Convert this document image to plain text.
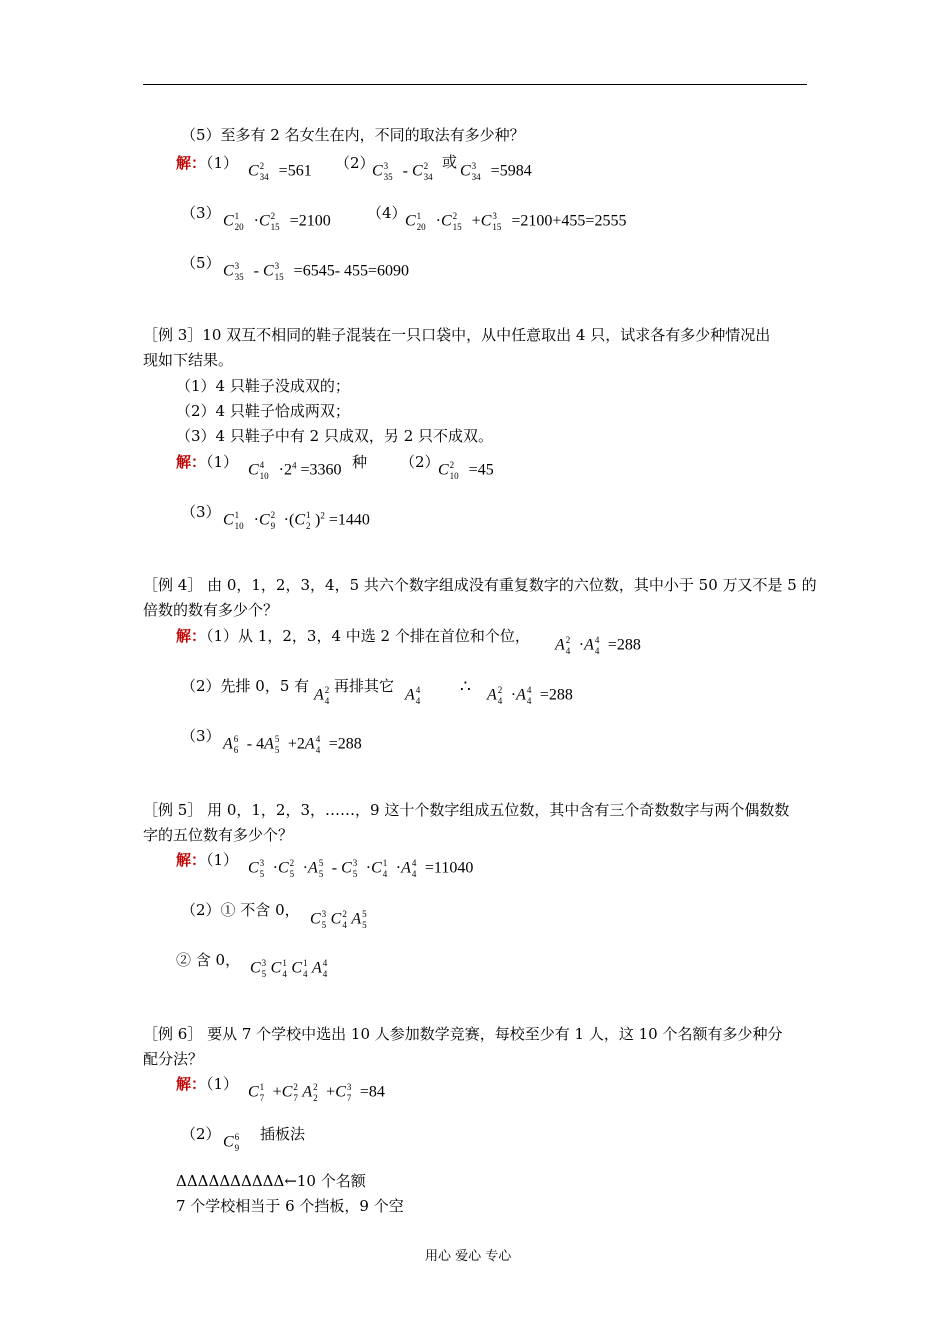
（5）至多有 2 名女生在内，不同的取法有多少种？
解：（1） C 2
34 =561 （2）
C 3
35 - C 2
34
或
C 3
34 =5984
（3） C 1
20 ·C 2
15 =2100 （4）
C 1
20 ·C 2
15 +C 3
15 =2100+455=2555
（5） C 3
35 - C 3
15 =6545- 455=6090
［例 3］10 双互不相同的鞋子混装在一只口袋中，从中任意取出 4 只，试求各有多少种情况出
现如下结果。
（1）4 只鞋子没成双的；
（2）4 只鞋子恰成两双；
（3）4 只鞋子中有 2 只成双，另 2 只不成双。
解：（1） C 4
$10 \cdot 2^4 =3360$ 种 （2）
C 2
10 =45
（3） C 1
10 ·C 2
9 ·(C 1
2 )$^2$ =1440
［例 4］ 由 0，1，2，3，4，5 共六个数字组成没有重复数字的六位数，其中小于 50 万又不是 5 的
倍数的数有多少个？
解：（1）从 1，2，3，4 中选 2 个排在首位和个位，
A 2
4 ·A 4
4 =288
（2）先排 0，5 有
A 2
4
再排其它
A 4
4
∴ A 2
4 ·A 4
4 =288
（3） A 6
6 - 4A 5
5 +2A 4
4 =288
［例 5］ 用 0，1，2，3，……，9 这十个数字组成五位数，其中含有三个奇数数字与两个偶数数
字的五位数有多少个？
解：（1） C 3
5 ·C 2
5 ·A 5
5 - C 3
5 ·C 1
4 ·A 4
4 =11040
（2）① 不含 0，
C 3
5 C 2
4 A 5
5
② 含 0， C 3
5 C 1
4 C 1
4 A 4
4
［例 6］ 要从 7 个学校中选出 10 人参加数学竞赛，每校至少有 1 人，这 10 个名额有多少种分
配分法？
解：（1） C 1
7 +C 2
7 A 2
2 +C 3
7 =84
（2） C 6
9
插板法
ΔΔΔΔΔΔΔΔΔΔ←10 个名额
7 个学校相当于 6 个挡板，9 个空
用心 爱心 专心
